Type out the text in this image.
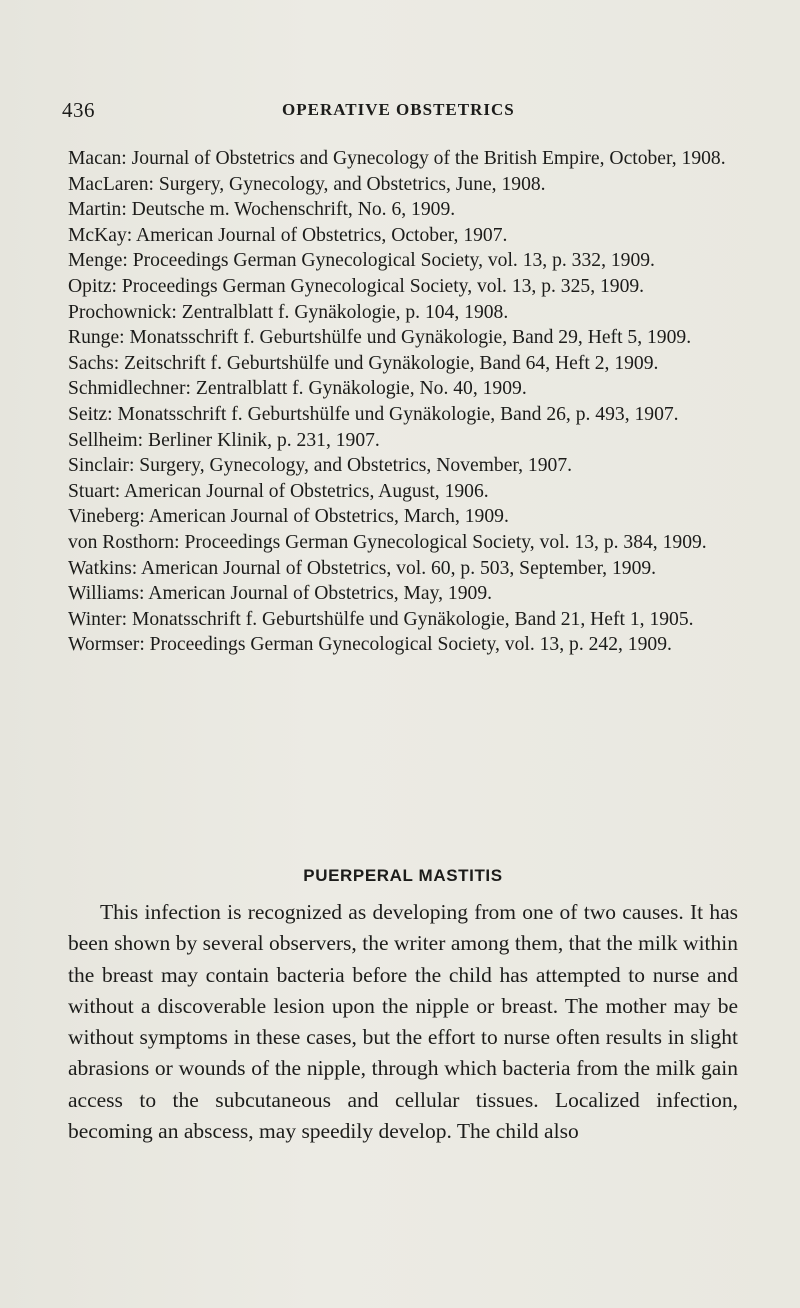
436	OPERATIVE OBSTETRICS

Macan: Journal of Obstetrics and Gynecology of the British Empire, October, 1908.

MacLaren: Surgery, Gynecology, and Obstetrics, June, 1908.

Martin: Deutsche m. Wochenschrift, No. 6, 1909.

McKay: American Journal of Obstetrics, October, 1907.

Menge: Proceedings German Gynecological Society, vol. 13, p. 332, 1909.

Opitz: Proceedings German Gynecological Society, vol. 13, p. 325, 1909.

Prochownick: Zentralblatt f. Gynäkologie, p. 104, 1908.

Runge: Monatsschrift f. Geburtshülfe und Gynäkologie, Band 29, Heft 5, 1909.

Sachs: Zeitschrift f. Geburtshülfe und Gynäkologie, Band 64, Heft 2, 1909.

Schmidlechner: Zentralblatt f. Gynäkologie, No. 40, 1909.

Seitz: Monatsschrift f. Geburtshülfe und Gynäkologie, Band 26, p. 493, 1907.

Sellheim: Berliner Klinik, p. 231, 1907.

Sinclair: Surgery, Gynecology, and Obstetrics, November, 1907.

Stuart: American Journal of Obstetrics, August, 1906.

Vineberg: American Journal of Obstetrics, March, 1909.

von Rosthorn: Proceedings German Gynecological Society, vol. 13, p. 384, 1909.

Watkins: American Journal of Obstetrics, vol. 60, p. 503, September, 1909.

Williams: American Journal of Obstetrics, May, 1909.

Winter: Monatsschrift f. Geburtshülfe und Gynäkologie, Band 21, Heft 1, 1905.

Wormser: Proceedings German Gynecological Society, vol. 13, p. 242, 1909.

PUERPERAL MASTITIS

This infection is recognized as developing from one of two causes. It has been shown by several observers, the writer among them, that the milk within the breast may contain bacteria before the child has attempted to nurse and without a discoverable lesion upon the nipple or breast. The mother may be without symptoms in these cases, but the effort to nurse often results in slight abrasions or wounds of the nipple, through which bacteria from the milk gain access to the subcutaneous and cellular tissues. Localized infection, becoming an abscess, may speedily develop. The child also
